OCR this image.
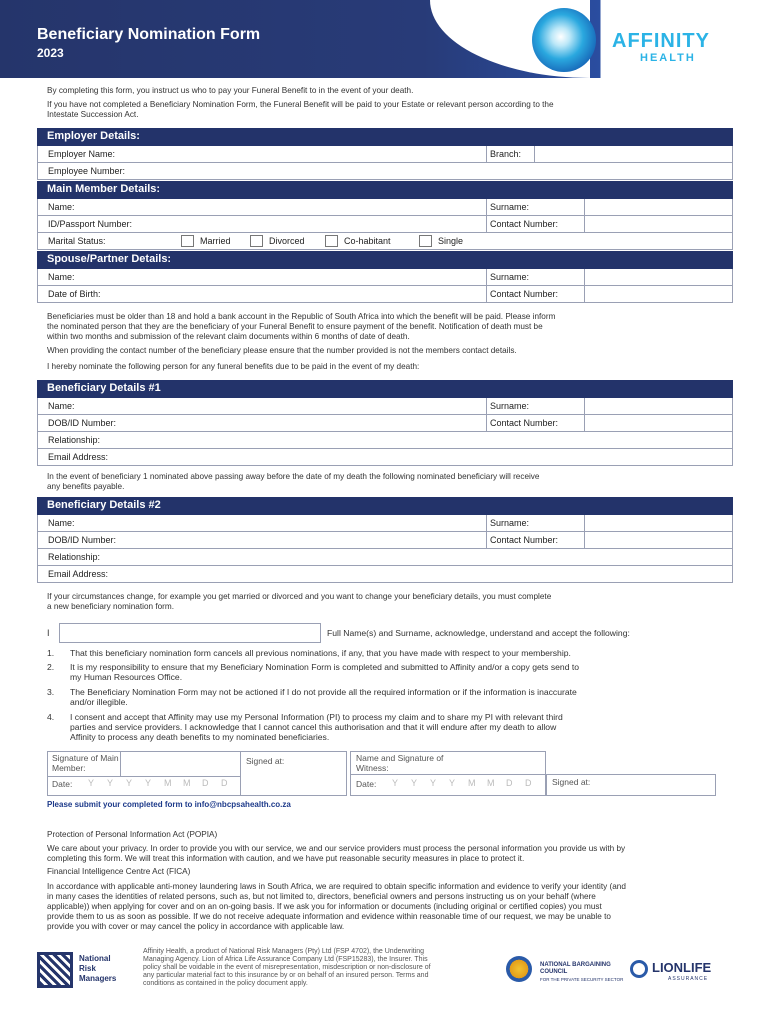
Beneficiary Nomination Form
2023
AFFINITY
HEALTH
By completing this form, you instruct us who to pay your Funeral Benefit to in the event of your death.
If you have not completed a Beneficiary Nomination Form, the Funeral Benefit will be paid to your Estate or relevant person according to the
Intestate Succession Act.
Employer Details:
Employer Name:	Branch:
Employee Number:
Main Member Details:
Name:	Surname:
ID/Passport Number:	Contact Number:
Marital Status:	Married	Divorced	Co-habitant	Single
Spouse/Partner Details:
Name:	Surname:
Date of Birth:	Contact Number:
Beneficiaries must be older than 18 and hold a bank account in the Republic of South Africa into which the benefit will be paid. Please inform
the nominated person that they are the beneficiary of your Funeral Benefit to ensure payment of the benefit. Notification of death must be
within two months and submission of the relevant claim documents within 6 months of date of death.
When providing the contact number of the beneficiary please ensure that the number provided is not the members contact details.
I hereby nominate the following person for any funeral benefits due to be paid in the event of my death:
Beneficiary Details #1
Name:	Surname:
DOB/ID Number:	Contact Number:
Relationship:
Email Address:
In the event of beneficiary 1 nominated above passing away before the date of my death the following nominated beneficiary will receive
any benefits payable.
Beneficiary Details #2
Name:	Surname:
DOB/ID Number:	Contact Number:
Relationship:
Email Address:
If your circumstances change, for example you get married or divorced and you want to change your beneficiary details, you must complete
a new beneficiary nomination form.
I	Full Name(s) and Surname, acknowledge, understand and accept the following:
1. That this beneficiary nomination form cancels all previous nominations, if any, that you have made with respect to your membership.
2. It is my responsibility to ensure that my Beneficiary Nomination Form is completed and submitted to Affinity and/or a copy gets send to
my Human Resources Office.
3. The Beneficiary Nomination Form may not be actioned if I do not provide all the required information or if the information is inaccurate
and/or illegible.
4. I consent and accept that Affinity may use my Personal Information (PI) to process my claim and to share my PI with relevant third
parties and service providers. I acknowledge that I cannot cancel this authorisation and that it will endure after my death to allow
Affinity to process any death benefits to my nominated beneficiaries.
Signature of Main Member:
Signed at:
Date: Y Y Y Y M M D D
Name and Signature of Witness:
Date: Y Y Y Y M M D D Signed at:
Please submit your completed form to info@nbcpsahealth.co.za
Protection of Personal Information Act (POPIA)
We care about your privacy. In order to provide you with our service, we and our service providers must process the personal information you provide us with by
completing this form. We will treat this information with caution, and we have put reasonable security measures in place to protect it.
Financial Intelligence Centre Act (FICA)
In accordance with applicable anti-money laundering laws in South Africa, we are required to obtain specific information and evidence to verify your identity (and
in many cases the identities of related persons, such as, but not limited to, directors, beneficial owners and persons instructing us on your behalf (where
applicable)) when applying for cover and on an on-going basis. If we ask you for information or documents (including original or certified copies) you must
provide them to us as soon as possible. If we do not receive adequate information and evidence within reasonable time of our request, we may be unable to
provide you with cover or may cancel the policy in accordance with applicable law.
National
Risk
Managers
Affinity Health, a product of National Risk Managers (Pty) Ltd (FSP 4702), the Underwriting
Managing Agency. Lion of Africa Life Assurance Company Ltd (FSP15283), the Insurer. This
policy shall be voidable in the event of misrepresentation, misdescription or non-disclosure of
any particular material fact to this insurance by or on behalf of an insured person. Terms and
conditions as contained in the policy document apply.
NATIONAL BARGAINING
COUNCIL
FOR THE PRIVATE SECURITY SECTOR
LIONLIFE
ASSURANCE
